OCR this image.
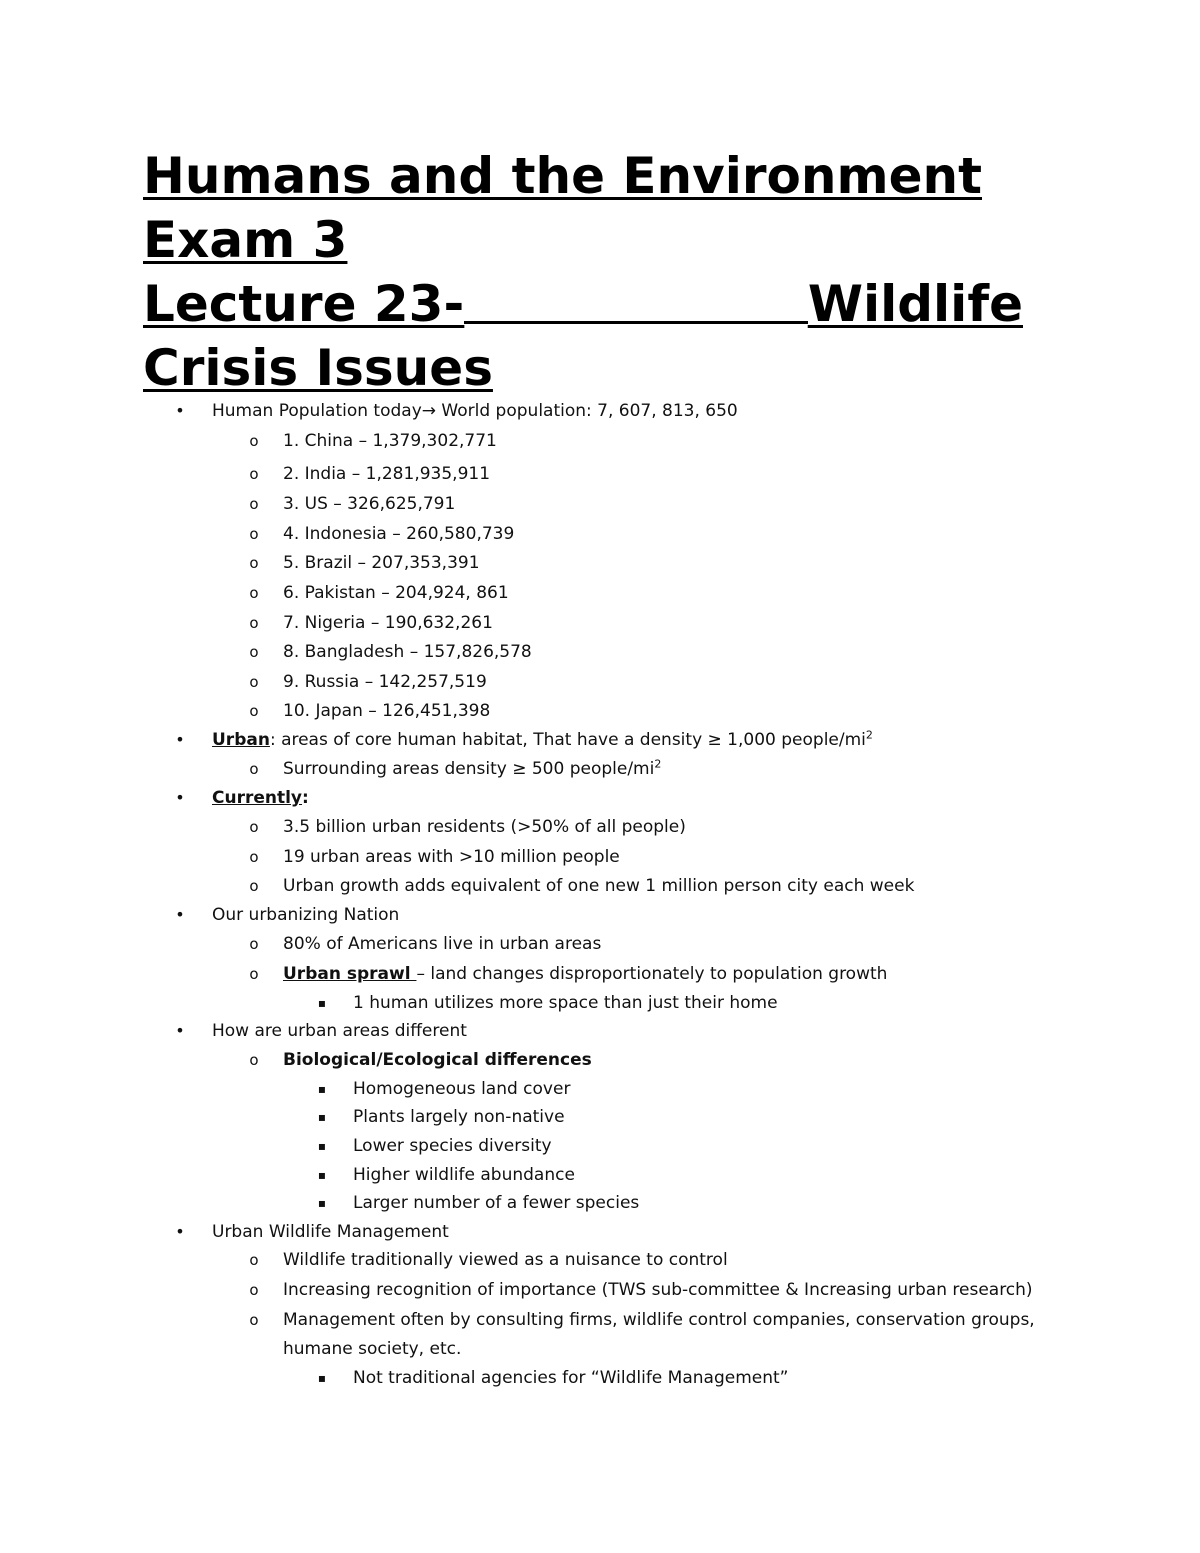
Humans and the Environment
Exam 3
Lecture 23-	Wildlife
Crisis Issues
•	Human Population today→ World population: 7, 607, 813, 650
o	1. China – 1,379,302,771
o	2. India – 1,281,935,911
o	3. US – 326,625,791
o	4. Indonesia – 260,580,739
o	5. Brazil – 207,353,391
o	6. Pakistan – 204,924, 861
o	7. Nigeria – 190,632,261
o	8. Bangladesh – 157,826,578
o	9. Russia – 142,257,519
o	10. Japan – 126,451,398
•	Urban: areas of core human habitat, That have a density ≥ 1,000 people/$mi^2$
o	Surrounding areas density ≥ 500 people/$mi^2$
•	Currently:
o	3.5 billion urban residents (>50% of all people)
o	19 urban areas with >10 million people
o	Urban growth adds equivalent of one new 1 million person city each week
•	Our urbanizing Nation
o	80% of Americans live in urban areas
o	Urban sprawl – land changes disproportionately to population growth
▪	1 human utilizes more space than just their home
•	How are urban areas different
o	Biological/Ecological differences
▪	Homogeneous land cover
▪	Plants largely non-native
▪	Lower species diversity
▪	Higher wildlife abundance
▪	Larger number of a fewer species
•	Urban Wildlife Management
o	Wildlife traditionally viewed as a nuisance to control
o	Increasing recognition of importance (TWS sub-committee & Increasing urban research)
o	Management often by consulting firms, wildlife control companies, conservation groups,
humane society, etc.
▪	Not traditional agencies for “Wildlife Management”
